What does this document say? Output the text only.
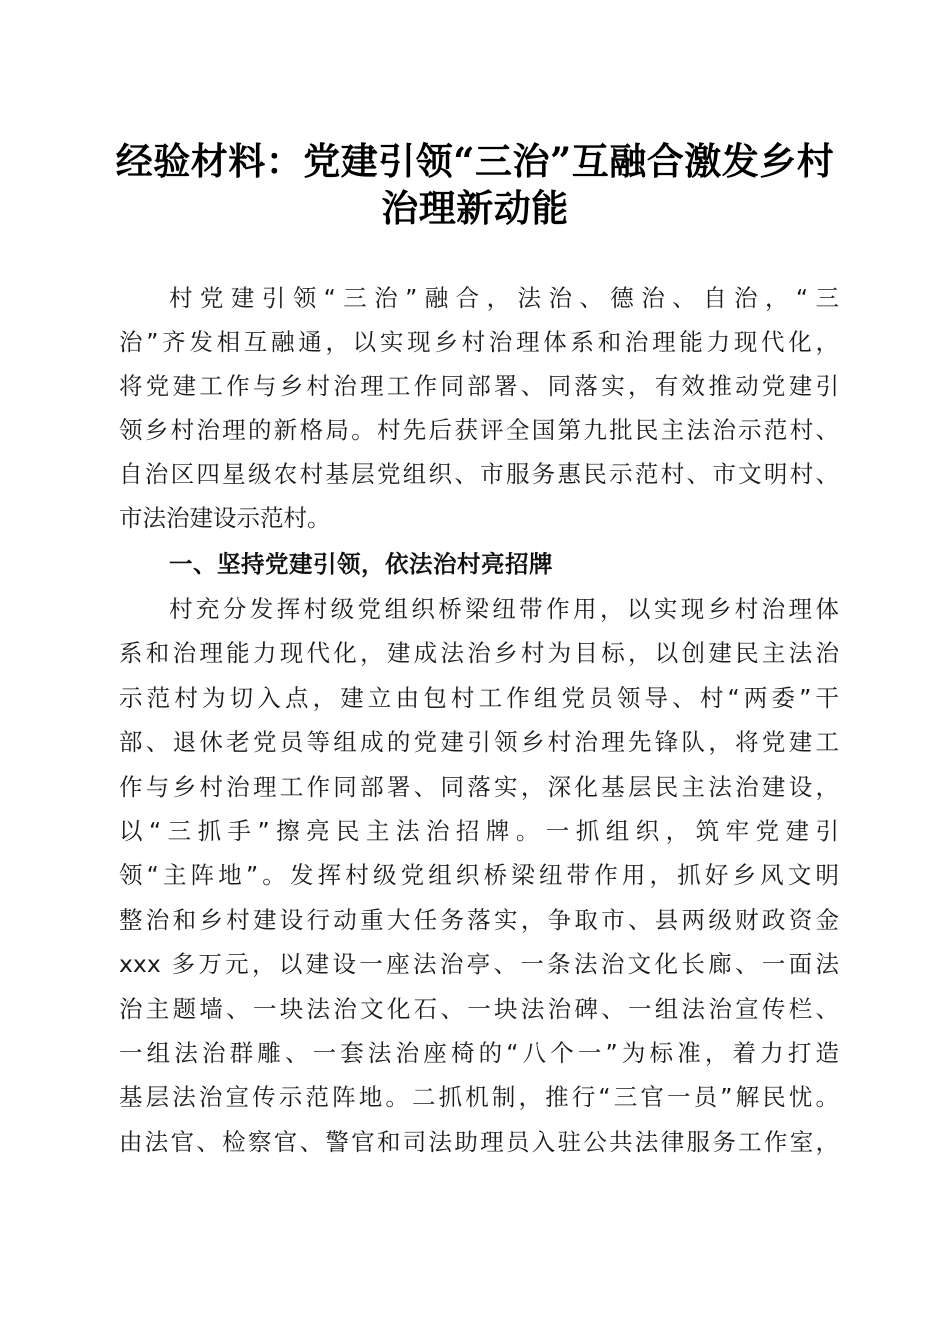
经验材料：党建引领“三治”互融合激发乡村
治理新动能

村党建引领“三治”融合，法治、德治、自治，“三

治”齐发相互融通，以实现乡村治理体系和治理能力现代化，

将党建工作与乡村治理工作同部署、同落实，有效推动党建引

领乡村治理的新格局。村先后获评全国第九批民主法治示范村、

自治区四星级农村基层党组织、市服务惠民示范村、市文明村、

市法治建设示范村。

一、坚持党建引领，依法治村亮招牌

村充分发挥村级党组织桥梁纽带作用，以实现乡村治理体

系和治理能力现代化，建成法治乡村为目标，以创建民主法治

示范村为切入点，建立由包村工作组党员领导、村“两委”干

部、退休老党员等组成的党建引领乡村治理先锋队，将党建工

作与乡村治理工作同部署、同落实，深化基层民主法治建设，

以“三抓手”擦亮民主法治招牌。一抓组织，筑牢党建引

领“主阵地”。发挥村级党组织桥梁纽带作用，抓好乡风文明

整治和乡村建设行动重大任务落实，争取市、县两级财政资金

xxx 多万元，以建设一座法治亭、一条法治文化长廊、一面法

治主题墙、一块法治文化石、一块法治碑、一组法治宣传栏、

一组法治群雕、一套法治座椅的“八个一”为标准，着力打造

基层法治宣传示范阵地。二抓机制，推行“三官一员”解民忧。

由法官、检察官、警官和司法助理员入驻公共法律服务工作室，
